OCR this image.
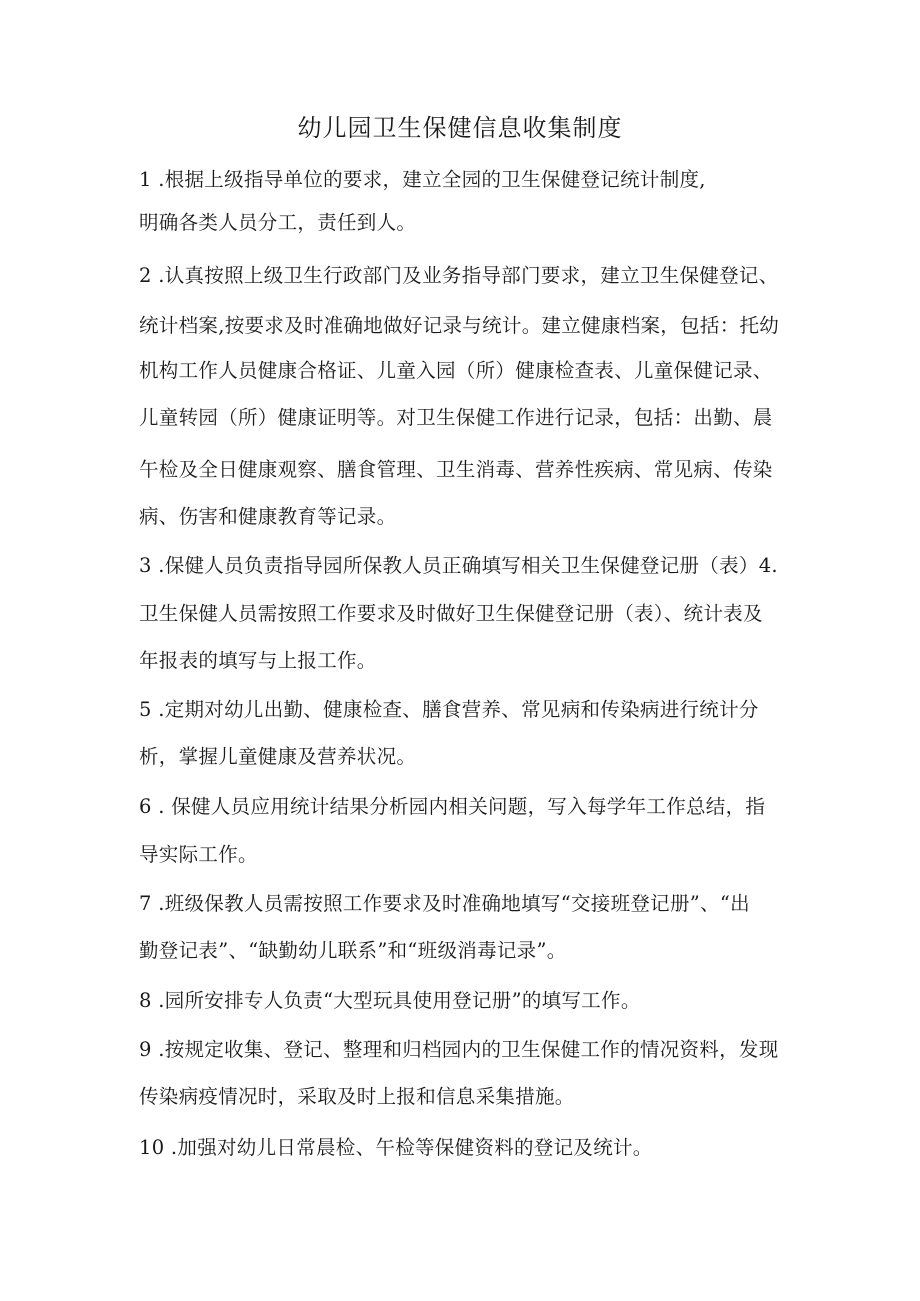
幼儿园卫生保健信息收集制度

1 .根据上级指导单位的要求，建立全园的卫生保健登记统计制度,

明确各类人员分工，责任到人。

2 .认真按照上级卫生行政部门及业务指导部门要求，建立卫生保健登记、

统计档案,按要求及时准确地做好记录与统计。建立健康档案，包括：托幼

机构工作人员健康合格证、儿童入园（所）健康检查表、儿童保健记录、

儿童转园（所）健康证明等。对卫生保健工作进行记录，包括：出勤、晨

午检及全日健康观察、膳食管理、卫生消毒、营养性疾病、常见病、传染

病、伤害和健康教育等记录。

3 .保健人员负责指导园所保教人员正确填写相关卫生保健登记册（表）4.

卫生保健人员需按照工作要求及时做好卫生保健登记册（表）、统计表及

年报表的填写与上报工作。

5 .定期对幼儿出勤、健康检查、膳食营养、常见病和传染病进行统计分

析，掌握儿童健康及营养状况。

6 . 保健人员应用统计结果分析园内相关问题，写入每学年工作总结，指

导实际工作。

7 .班级保教人员需按照工作要求及时准确地填写“交接班登记册”、“出

勤登记表”、“缺勤幼儿联系”和“班级消毒记录”。

8 .园所安排专人负责“大型玩具使用登记册”的填写工作。

9 .按规定收集、登记、整理和归档园内的卫生保健工作的情况资料，发现

传染病疫情况时，采取及时上报和信息采集措施。

10 .加强对幼儿日常晨检、午检等保健资料的登记及统计。
